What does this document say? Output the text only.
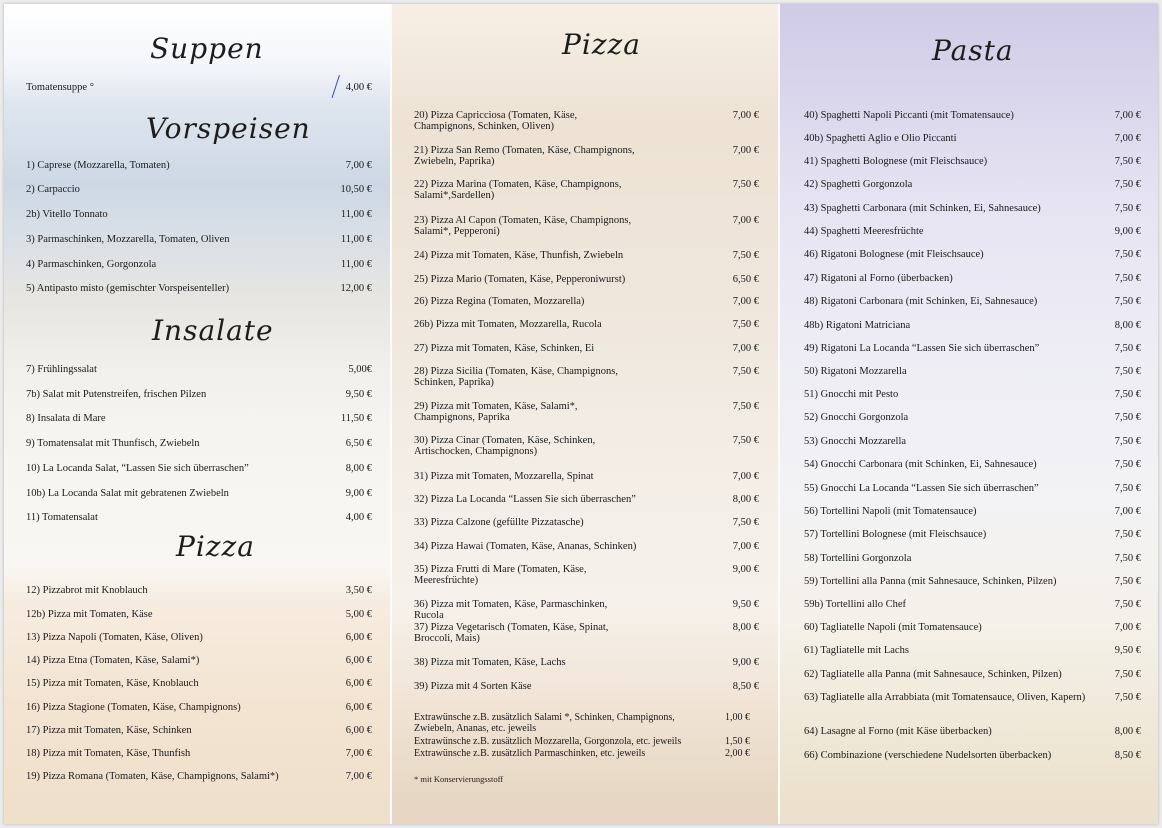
Suppen
Tomatensuppe °	4,00 €
Vorspeisen
1) Caprese (Mozzarella, Tomaten)	7,00 €
2) Carpaccio	10,50 €
2b) Vitello Tonnato	11,00 €
3) Parmaschinken, Mozzarella, Tomaten, Oliven	11,00 €
4) Parmaschinken, Gorgonzola	11,00 €
5) Antipasto misto (gemischter Vorspeisenteller)	12,00 €
Insalate
7) Frühlingssalat	5,00€
7b) Salat mit Putenstreifen, frischen Pilzen	9,50 €
8) Insalata di Mare	11,50 €
9) Tomatensalat mit Thunfisch, Zwiebeln	6,50 €
10) La Locanda Salat, “Lassen Sie sich überraschen”	8,00 €
10b) La Locanda Salat mit gebratenen Zwiebeln	9,00 €
11) Tomatensalat	4,00 €
Pizza
12) Pizzabrot mit Knoblauch	3,50 €
12b) Pizza mit Tomaten, Käse	5,00 €
13) Pizza Napoli (Tomaten, Käse, Oliven)	6,00 €
14) Pizza Etna (Tomaten, Käse, Salami*)	6,00 €
15) Pizza mit Tomaten, Käse, Knoblauch	6,00 €
16) Pizza Stagione (Tomaten, Käse, Champignons)	6,00 €
17) Pizza mit Tomaten, Käse, Schinken	6,00 €
18) Pizza mit Tomaten, Käse, Thunfish	7,00 €
19) Pizza Romana (Tomaten, Käse, Champignons, Salami*)	7,00 €
Pizza
20) Pizza Capricciosa (Tomaten, Käse, Champignons, Schinken, Oliven)
7,00 €
21) Pizza San Remo (Tomaten, Käse, Champignons, Zwiebeln, Paprika)
7,00 €
22) Pizza Marina (Tomaten, Käse, Champignons, Salami*,Sardellen)
7,50 €
23) Pizza Al Capon (Tomaten, Käse, Champignons, Salami*, Pepperoni)
7,00 €
24) Pizza mit Tomaten, Käse, Thunfish, Zwiebeln	7,50 €
25) Pizza Mario (Tomaten, Käse, Pepperoniwurst)	6,50 €
26) Pizza Regina (Tomaten, Mozzarella)	7,00 €
26b) Pizza mit Tomaten, Mozzarella, Rucola	7,50 €
27) Pizza mit Tomaten, Käse, Schinken, Ei	7,00 €
28) Pizza Sicilia (Tomaten, Käse, Champignons, Schinken, Paprika)
7,50 €
29) Pizza mit Tomaten, Käse, Salami*, Champignons, Paprika
7,50 €
30) Pizza Cinar (Tomaten, Käse, Schinken, Artischocken, Champignons)
7,50 €
31) Pizza mit Tomaten, Mozzarella, Spinat	7,00 €
32) Pizza La Locanda “Lassen Sie sich überraschen”	8,00 €
33) Pizza Calzone (gefüllte Pizzatasche)	7,50 €
34) Pizza Hawai (Tomaten, Käse, Ananas, Schinken)	7,00 €
35) Pizza Frutti di Mare (Tomaten, Käse, Meeresfrüchte)
9,00 €
36) Pizza mit Tomaten, Käse, Parmaschinken, Rucola
9,50 €
37) Pizza Vegetarisch (Tomaten, Käse, Spinat, Broccoli, Mais)
8,00 €
38) Pizza mit Tomaten, Käse, Lachs	9,00 €
39) Pizza mit 4 Sorten Käse	8,50 €
Extrawünsche z.B. zusätzlich Salami *, Schinken, Champignons, Zwiebeln, Ananas, etc. jeweils
1,00 €
Extrawünsche z.B. zusätzlich Mozzarella, Gorgonzola, etc. jeweils	1,50 €
Extrawünsche z.B. zusätzlich Parmaschinken, etc. jeweils	2,00 €
* mit Konservierungsstoff
Pasta
40) Spaghetti Napoli Piccanti (mit Tomatensauce)	7,00 €
40b) Spaghetti Aglio e Olio Piccanti	7,00 €
41) Spaghetti Bolognese (mit Fleischsauce)	7,50 €
42) Spaghetti Gorgonzola	7,50 €
43) Spaghetti Carbonara (mit Schinken, Ei, Sahnesauce)	7,50 €
44) Spaghetti Meeresfrüchte	9,00 €
46) Rigatoni Bolognese (mit Fleischsauce)	7,50 €
47) Rigatoni al Forno (überbacken)	7,50 €
48) Rigatoni Carbonara (mit Schinken, Ei, Sahnesauce)	7,50 €
48b) Rigatoni Matriciana	8,00 €
49) Rigatoni La Locanda “Lassen Sie sich überraschen”	7,50 €
50) Rigatoni Mozzarella	7,50 €
51) Gnocchi mit Pesto	7,50 €
52) Gnocchi Gorgonzola	7,50 €
53) Gnocchi Mozzarella	7,50 €
54) Gnocchi Carbonara (mit Schinken, Ei, Sahnesauce)	7,50 €
55) Gnocchi La Locanda “Lassen Sie sich überraschen”	7,50 €
56) Tortellini Napoli (mit Tomatensauce)	7,00 €
57) Tortellini Bolognese (mit Fleischsauce)	7,50 €
58) Tortellini Gorgonzola	7,50 €
59) Tortellini alla Panna (mit Sahnesauce, Schinken, Pilzen)	7,50 €
59b) Tortellini allo Chef	7,50 €
60) Tagliatelle Napoli (mit Tomatensauce)	7,00 €
61) Tagliatelle mit Lachs	9,50 €
62) Tagliatelle alla Panna (mit Sahnesauce, Schinken, Pilzen)	7,50 €
63) Tagliatelle alla Arrabbiata (mit Tomatensauce, Oliven, Kapern)	7,50 €
64) Lasagne al Forno (mit Käse überbacken)	8,00 €
66) Combinazione (verschiedene Nudelsorten überbacken)	8,50 €
